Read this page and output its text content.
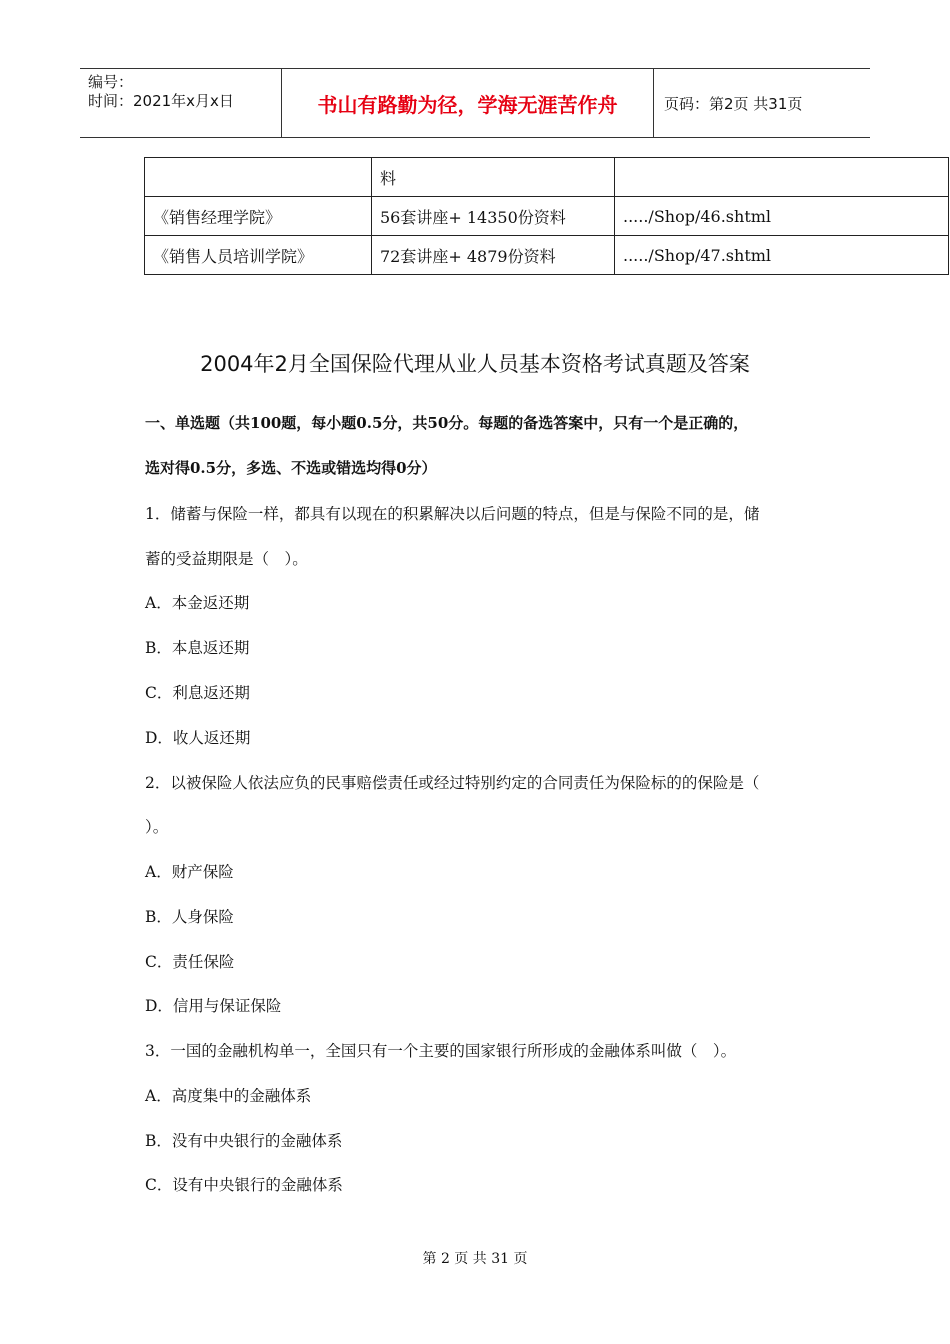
编号：
时间：2021年x月x日	书山有路勤为径，学海无涯苦作舟	页码：第2页 共31页
	料	
《销售经理学院》	56套讲座+ 14350份资料	...../Shop/46.shtml
《销售人员培训学院》	72套讲座+ 4879份资料	...../Shop/47.shtml
2004年2月全国保险代理从业人员基本资格考试真题及答案
一、单选题（共100题，每小题0.5分，共50分。每题的备选答案中，只有一个是正确的，
选对得0.5分，多选、不选或错选均得0分）
1．储蓄与保险一样，都具有以现在的积累解决以后问题的特点，但是与保险不同的是，储
蓄的受益期限是（　）。
A．本金返还期
B．本息返还期
C．利息返还期
D．收人返还期
2．以被保险人依法应负的民事赔偿责任或经过特别约定的合同责任为保险标的的保险是（
）。
A．财产保险
B．人身保险
C．责任保险
D．信用与保证保险
3．一国的金融机构单一，全国只有一个主要的国家银行所形成的金融体系叫做（　）。
A．高度集中的金融体系
B．没有中央银行的金融体系
C．设有中央银行的金融体系
第 2 页 共 31 页
